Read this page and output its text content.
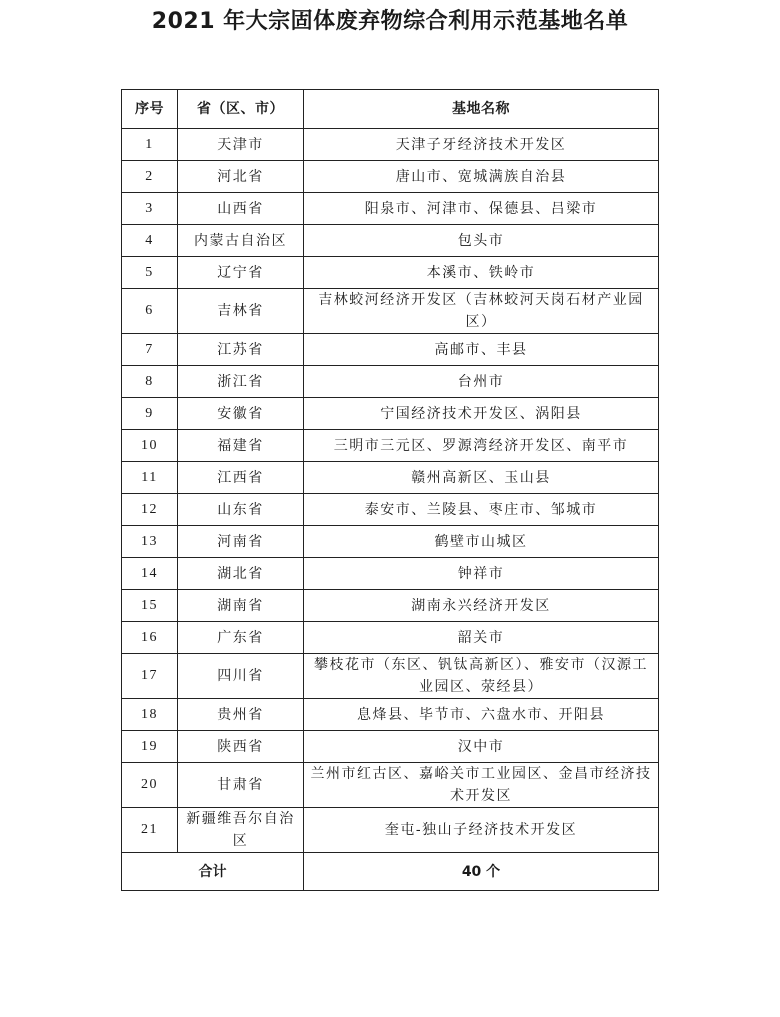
2021 年大宗固体废弃物综合利用示范基地名单
序号	省（区、市）	基地名称
1	天津市	天津子牙经济技术开发区
2	河北省	唐山市、宽城满族自治县
3	山西省	阳泉市、河津市、保德县、吕梁市
4	内蒙古自治区	包头市
5	辽宁省	本溪市、铁岭市
6	吉林省	吉林蛟河经济开发区（吉林蛟河天岗石材产业园区）
7	江苏省	高邮市、丰县
8	浙江省	台州市
9	安徽省	宁国经济技术开发区、涡阳县
10	福建省	三明市三元区、罗源湾经济开发区、南平市
11	江西省	赣州高新区、玉山县
12	山东省	泰安市、兰陵县、枣庄市、邹城市
13	河南省	鹤壁市山城区
14	湖北省	钟祥市
15	湖南省	湖南永兴经济开发区
16	广东省	韶关市
17	四川省	攀枝花市（东区、钒钛高新区）、雅安市（汉源工业园区、荥经县）
18	贵州省	息烽县、毕节市、六盘水市、开阳县
19	陕西省	汉中市
20	甘肃省	兰州市红古区、嘉峪关市工业园区、金昌市经济技术开发区
21	新疆维吾尔自治区	奎屯-独山子经济技术开发区
合计		40 个
